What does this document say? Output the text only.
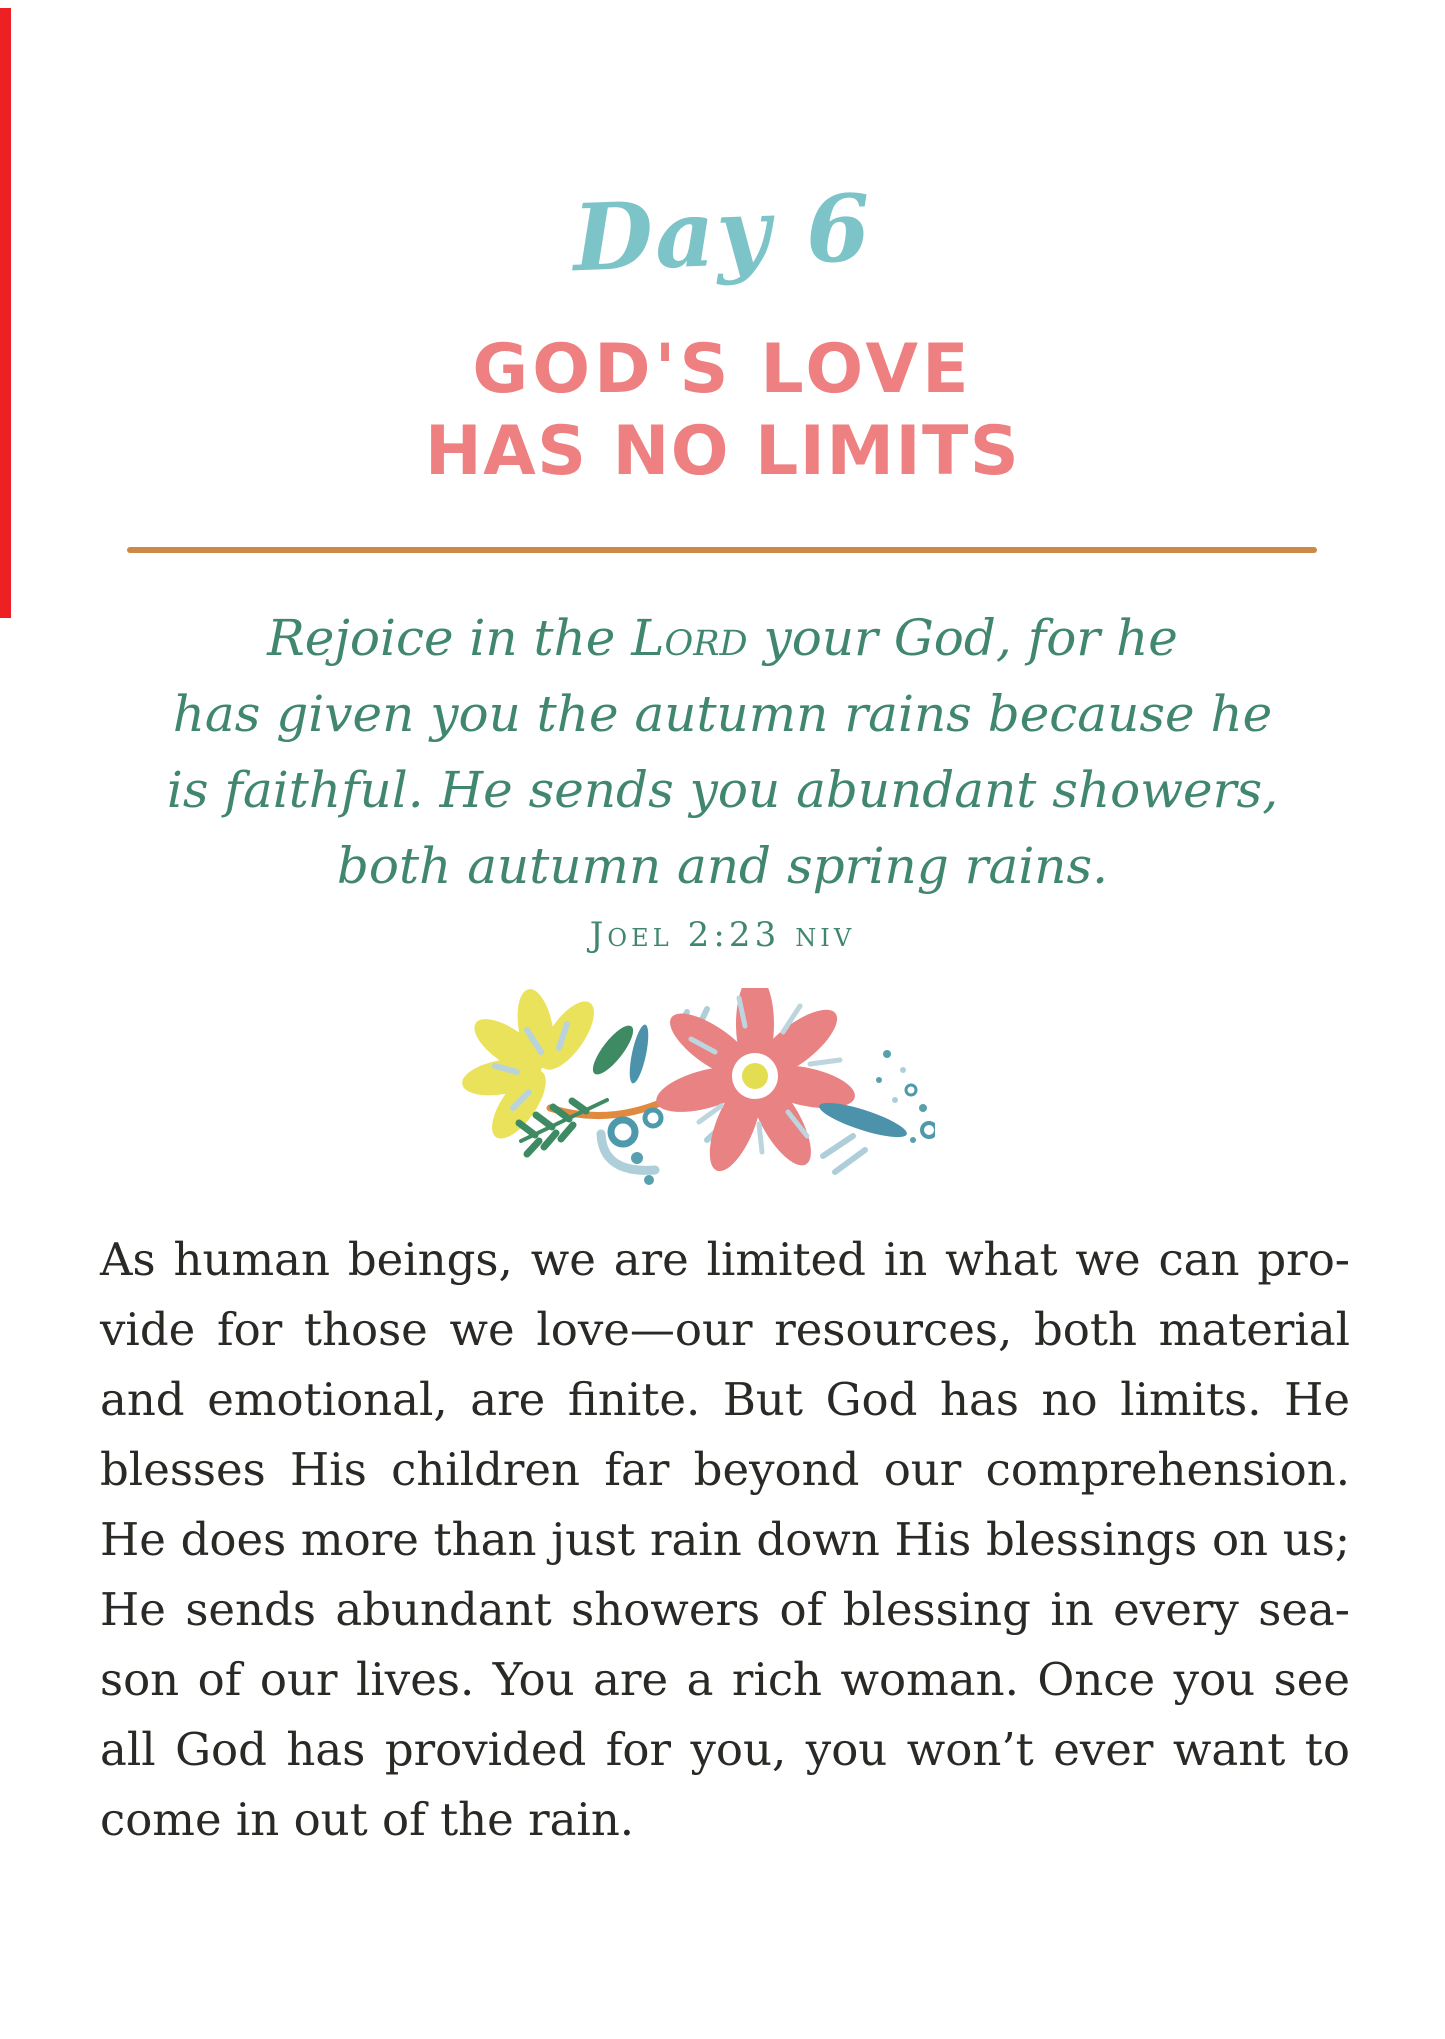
Day 6
GOD'S LOVE
HAS NO LIMITS
Rejoice in the Lord your God, for he
has given you the autumn rains because he
is faithful. He sends you abundant showers,
both autumn and spring rains.
Joel 2:23 niv
As human beings, we are limited in what we can pro-
vide for those we love—our resources, both material
and emotional, are finite. But God has no limits. He
blesses His children far beyond our comprehension.
He does more than just rain down His blessings on us;
He sends abundant showers of blessing in every sea-
son of our lives. You are a rich woman. Once you see
all God has provided for you, you won’t ever want to
come in out of the rain.
